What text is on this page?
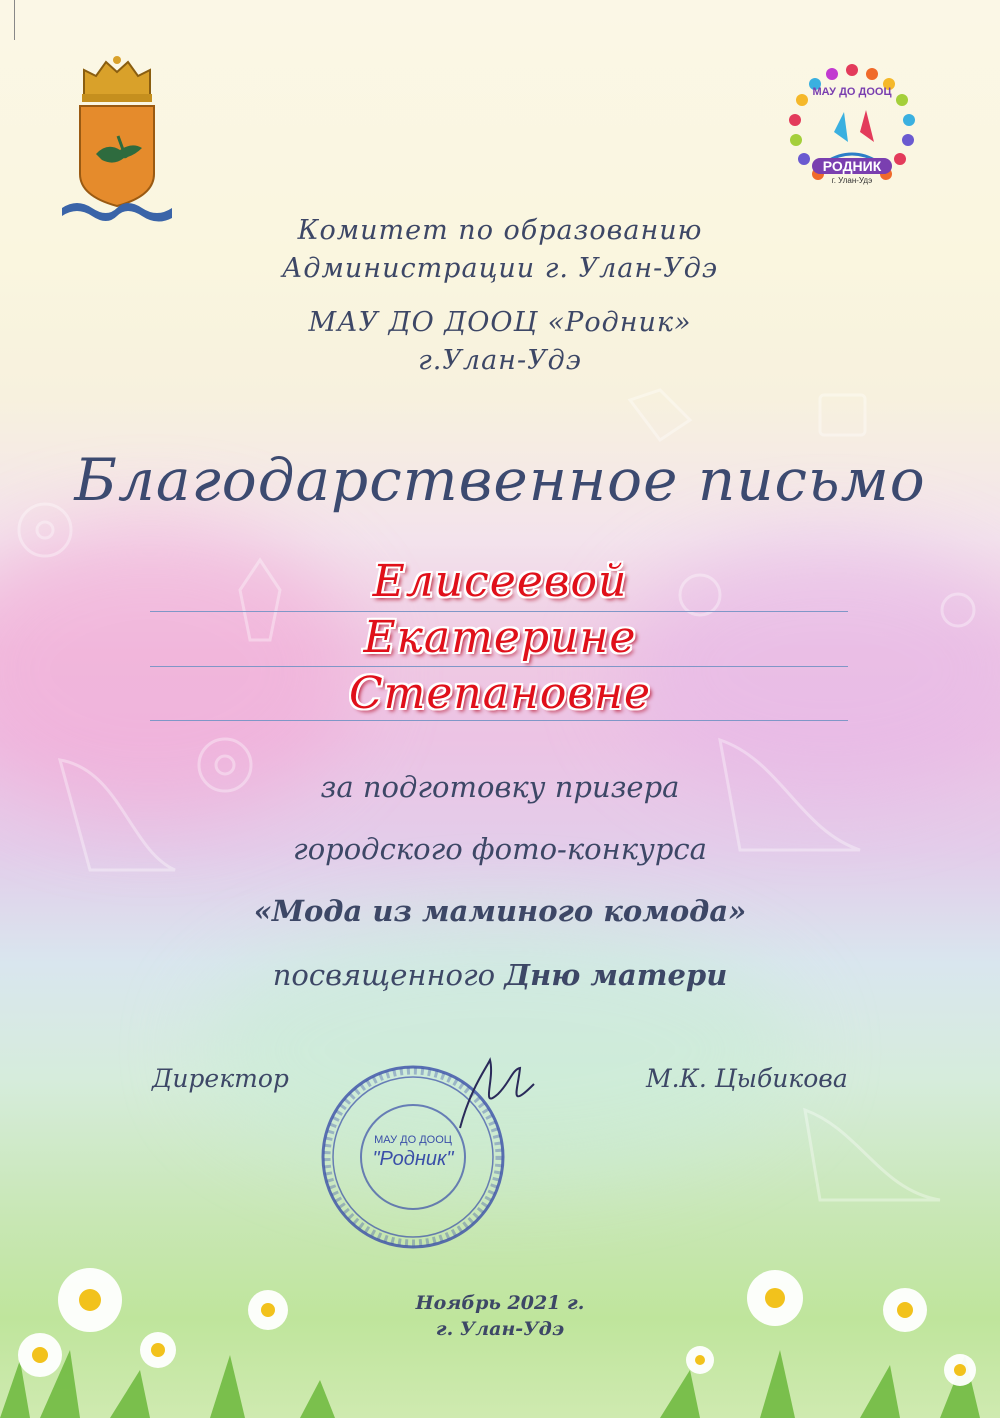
МАУ ДО ДООЦ
РОДНИК
г. Улан-Удэ
Комитет по образованию
Администрации г. Улан-Удэ
МАУ ДО ДООЦ «Родник»
г.Улан-Удэ
Благодарственное письмо
Елисеевой
Екатерине
Степановне
за подготовку призера
городского фото-конкурса
«Мода из маминого комода»
посвященного Дню матери
Директор	М.К. Цыбикова
МАУ ДО ДООЦ
"Родник"
Ноябрь 2021 г.
г. Улан-Удэ
